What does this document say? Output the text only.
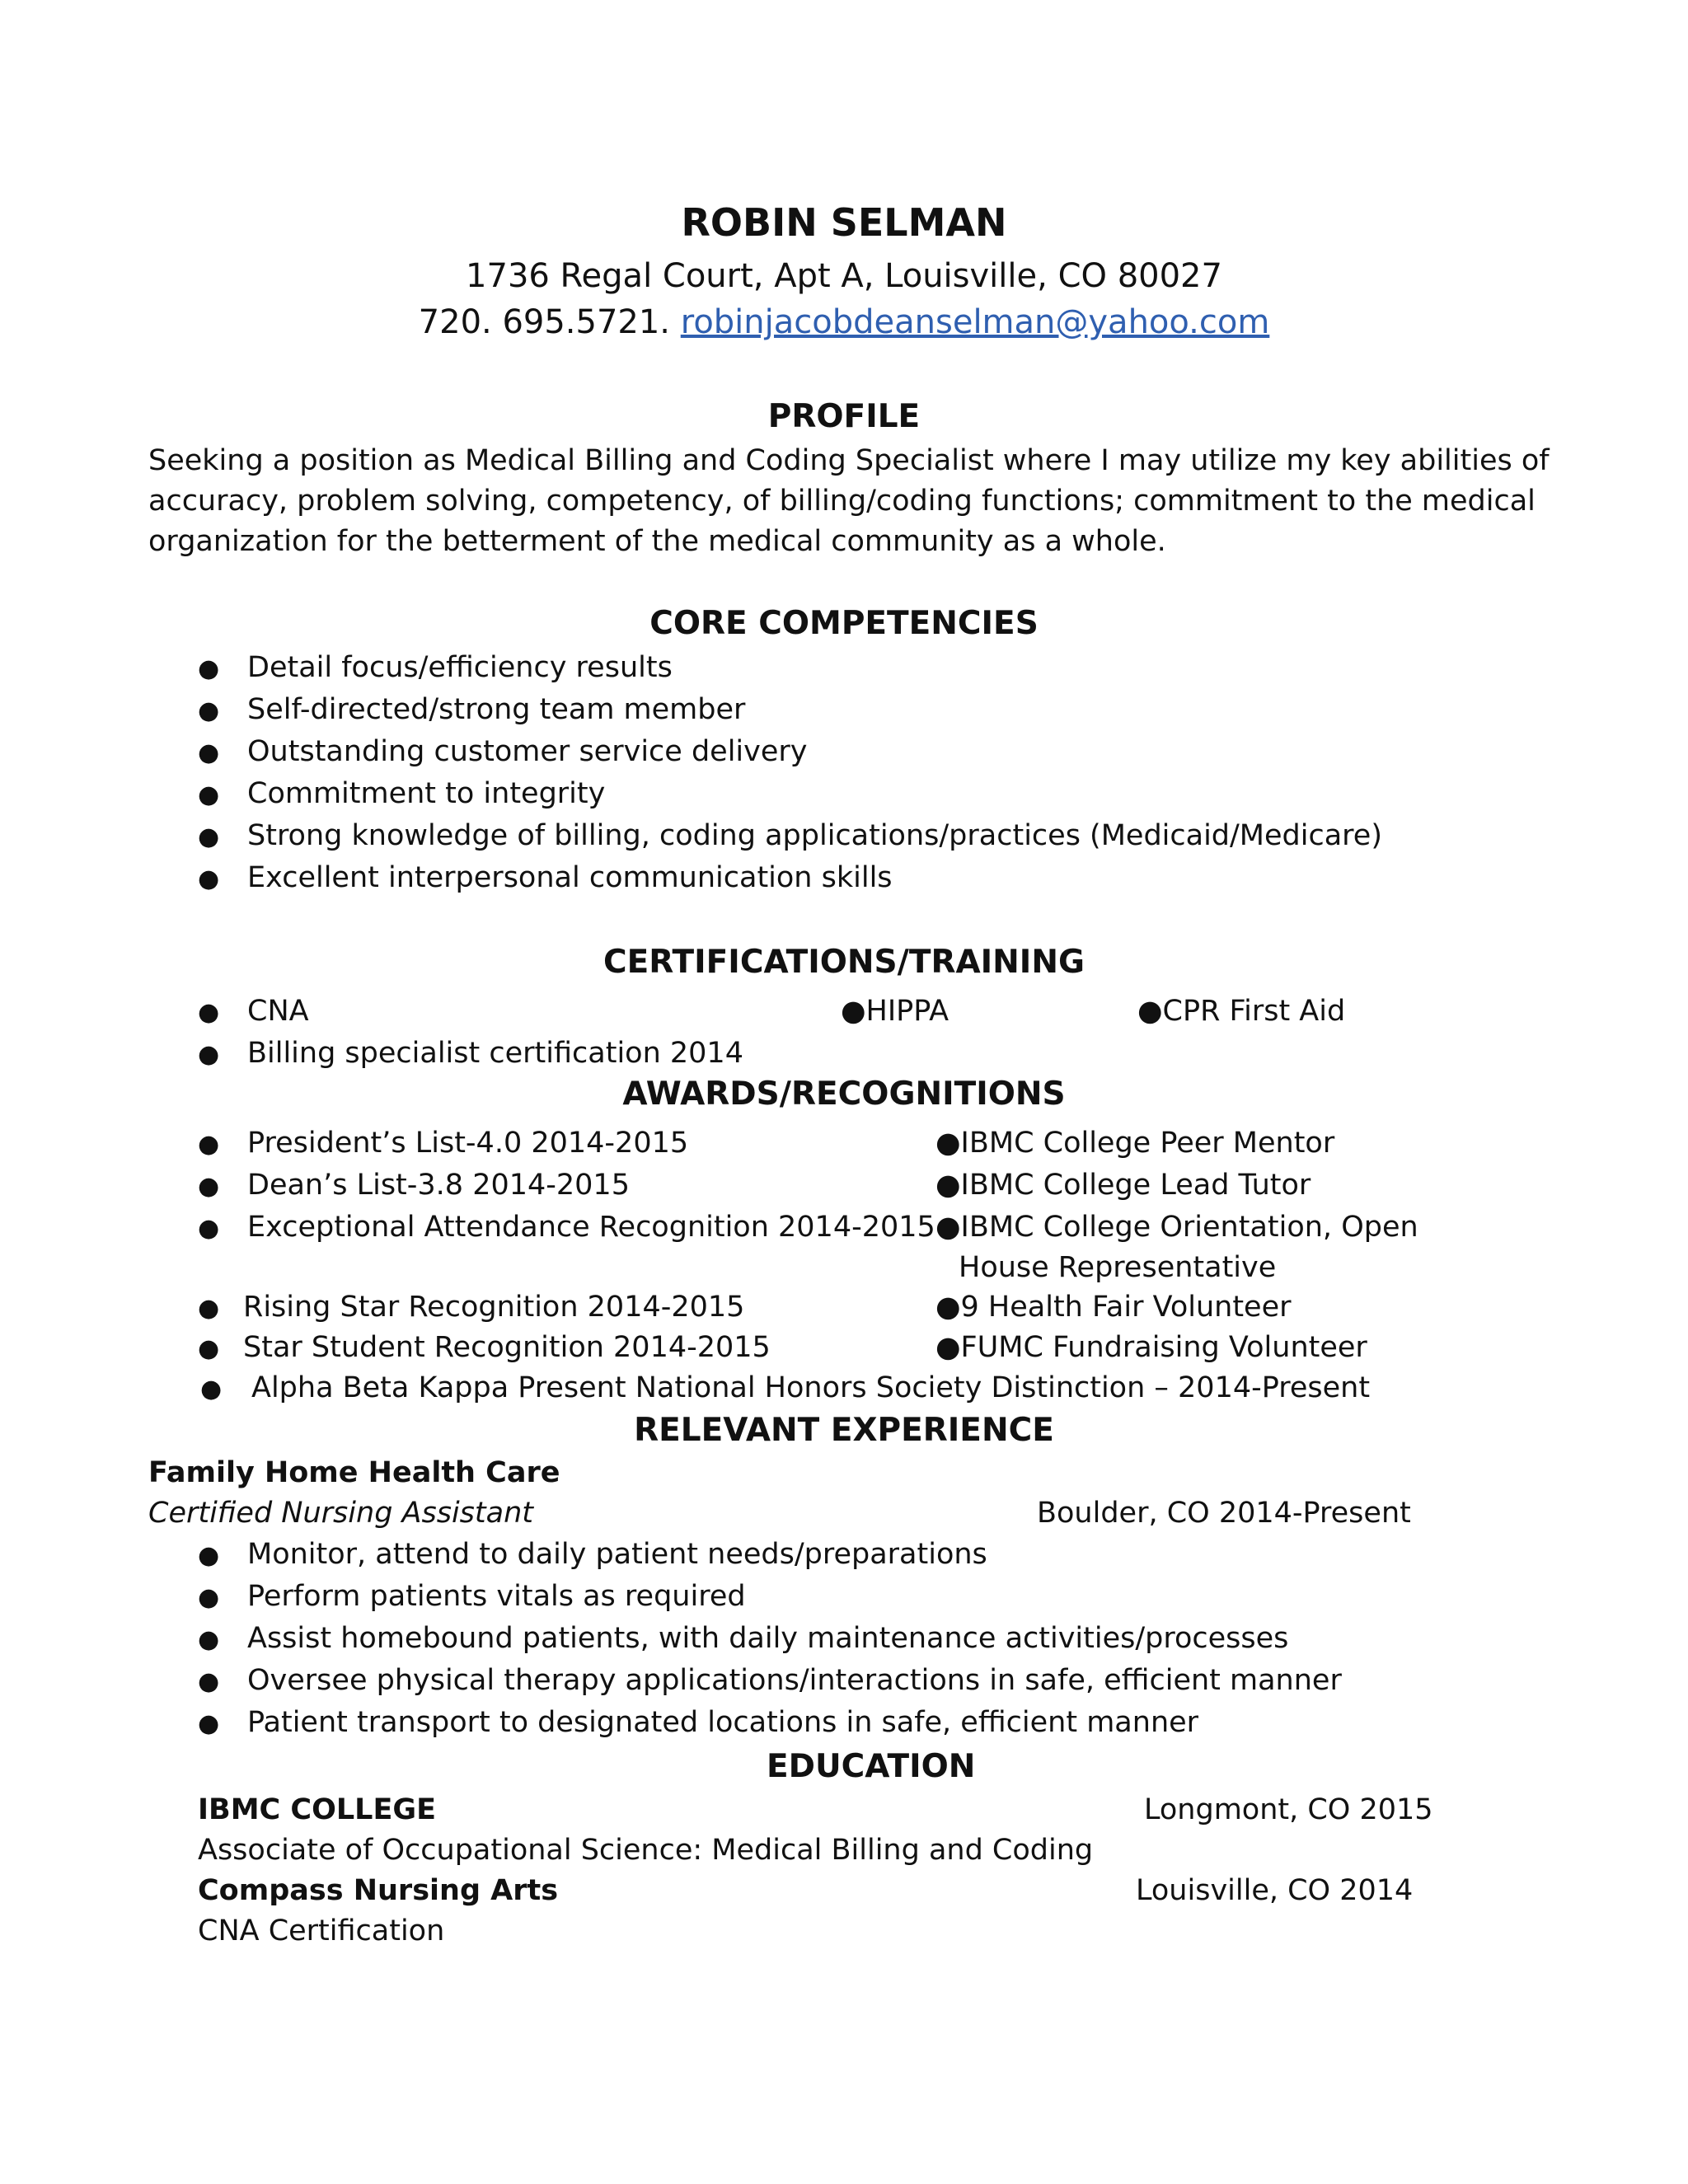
ROBIN SELMAN
1736 Regal Court, Apt A, Louisville, CO 80027
720. 695.5721. robinjacobdeanselman@yahoo.com
PROFILE
Seeking a position as Medical Billing and Coding Specialist where I may utilize my key abilities of
accuracy, problem solving, competency, of billing/coding functions; commitment to the medical
organization for the betterment of the medical community as a whole.
CORE COMPETENCIES
● Detail focus/efficiency results
● Self-directed/strong team member
● Outstanding customer service delivery
● Commitment to integrity
● Strong knowledge of billing, coding applications/practices (Medicaid/Medicare)
● Excellent interpersonal communication skills
CERTIFICATIONS/TRAINING
● CNA	●HIPPA	●CPR First Aid
● Billing specialist certification 2014
AWARDS/RECOGNITIONS
● President’s List-4.0 2014-2015	●IBMC College Peer Mentor
● Dean’s List-3.8 2014-2015	●IBMC College Lead Tutor
● Exceptional Attendance Recognition 2014-2015 ●IBMC College Orientation, Open
House Representative
● Rising Star Recognition 2014-2015	●9 Health Fair Volunteer
● Star Student Recognition 2014-2015	●FUMC Fundraising Volunteer
● Alpha Beta Kappa Present National Honors Society Distinction – 2014-Present
RELEVANT EXPERIENCE
Family Home Health Care
Certified Nursing Assistant	Boulder, CO 2014-Present
● Monitor, attend to daily patient needs/preparations
● Perform patients vitals as required
● Assist homebound patients, with daily maintenance activities/processes
● Oversee physical therapy applications/interactions in safe, efficient manner
● Patient transport to designated locations in safe, efficient manner
EDUCATION
IBMC COLLEGE	Longmont, CO 2015
Associate of Occupational Science: Medical Billing and Coding
Compass Nursing Arts	Louisville, CO 2014
CNA Certification
